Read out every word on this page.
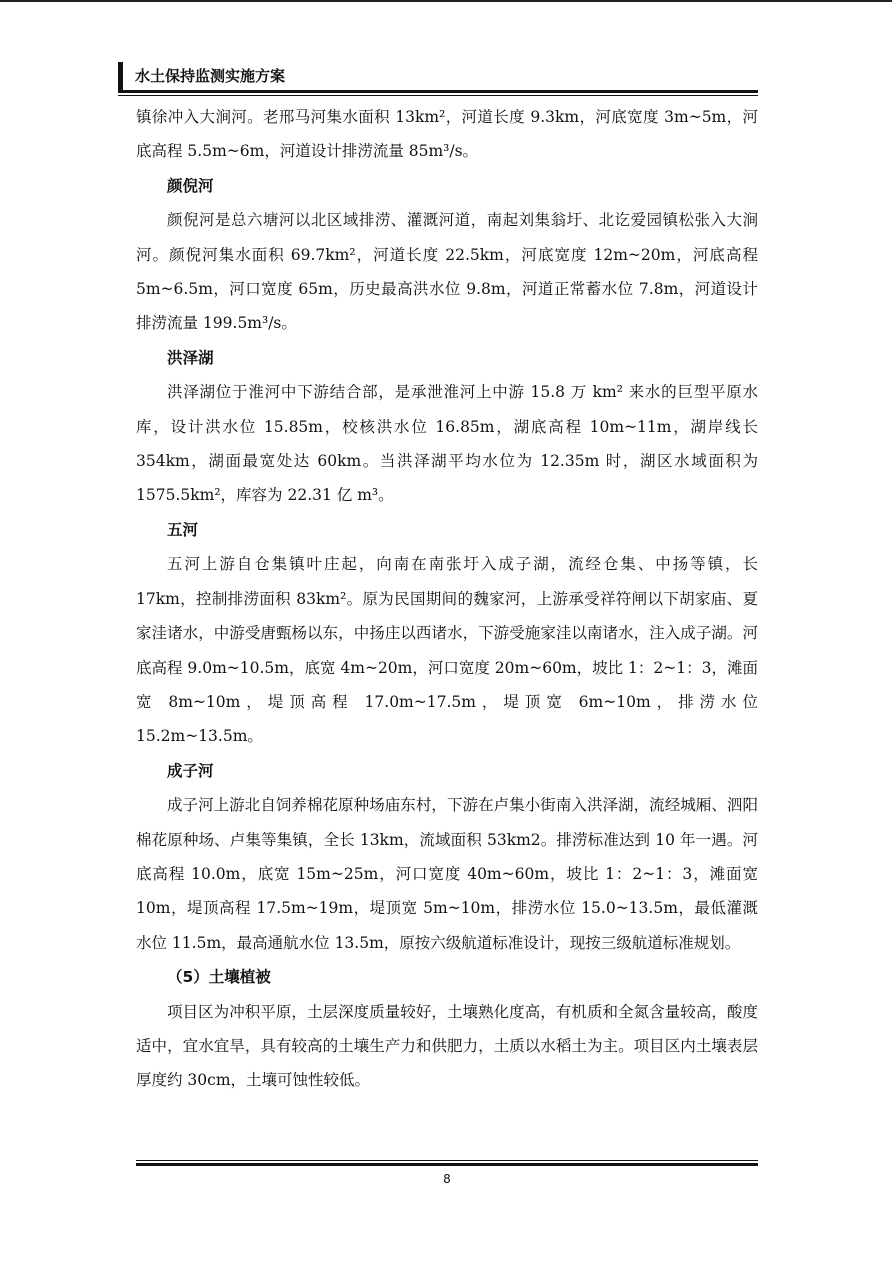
水土保持监测实施方案

镇徐冲入大涧河。老邢马河集水面积 13km²，河道长度 9.3km，河底宽度 3m~5m，河底高程 5.5m~6m，河道设计排涝流量 85m³/s。

颜倪河

颜倪河是总六塘河以北区域排涝、灌溉河道，南起刘集翁圩、北讫爱园镇松张入大涧河。颜倪河集水面积 69.7km²，河道长度 22.5km，河底宽度 12m~20m，河底高程 5m~6.5m，河口宽度 65m，历史最高洪水位 9.8m，河道正常蓄水位 7.8m，河道设计排涝流量 199.5m³/s。

洪泽湖

洪泽湖位于淮河中下游结合部，是承泄淮河上中游 15.8 万 km² 来水的巨型平原水库，设计洪水位 15.85m，校核洪水位 16.85m，湖底高程 10m~11m，湖岸线长 354km，湖面最宽处达 60km。当洪泽湖平均水位为 12.35m 时，湖区水域面积为 1575.5km²，库容为 22.31 亿 m³。

五河

五河上游自仓集镇叶庄起，向南在南张圩入成子湖，流经仓集、中扬等镇，长 17km，控制排涝面积 83km²。原为民国期间的魏家河，上游承受祥符闸以下胡家庙、夏家洼诸水，中游受唐甄杨以东，中扬庄以西诸水，下游受施家洼以南诸水，注入成子湖。河底高程 9.0m~10.5m，底宽 4m~20m，河口宽度 20m~60m，坡比 1：2~1：3，滩面宽 8m~10m，堤顶高程 17.0m~17.5m，堤顶宽 6m~10m，排涝水位 15.2m~13.5m。

成子河

成子河上游北自饲养棉花原种场庙东村，下游在卢集小街南入洪泽湖，流经城厢、泗阳棉花原种场、卢集等集镇，全长 13km，流域面积 53km2。排涝标准达到 10 年一遇。河底高程 10.0m，底宽 15m~25m，河口宽度 40m~60m，坡比 1：2~1：3，滩面宽 10m，堤顶高程 17.5m~19m，堤顶宽 5m~10m，排涝水位 15.0~13.5m，最低灌溉水位 11.5m，最高通航水位 13.5m，原按六级航道标准设计，现按三级航道标准规划。

（5）土壤植被

项目区为冲积平原，土层深度质量较好，土壤熟化度高，有机质和全氮含量较高，酸度适中，宜水宜旱，具有较高的土壤生产力和供肥力，土质以水稻土为主。项目区内土壤表层厚度约 30cm，土壤可蚀性较低。

8
